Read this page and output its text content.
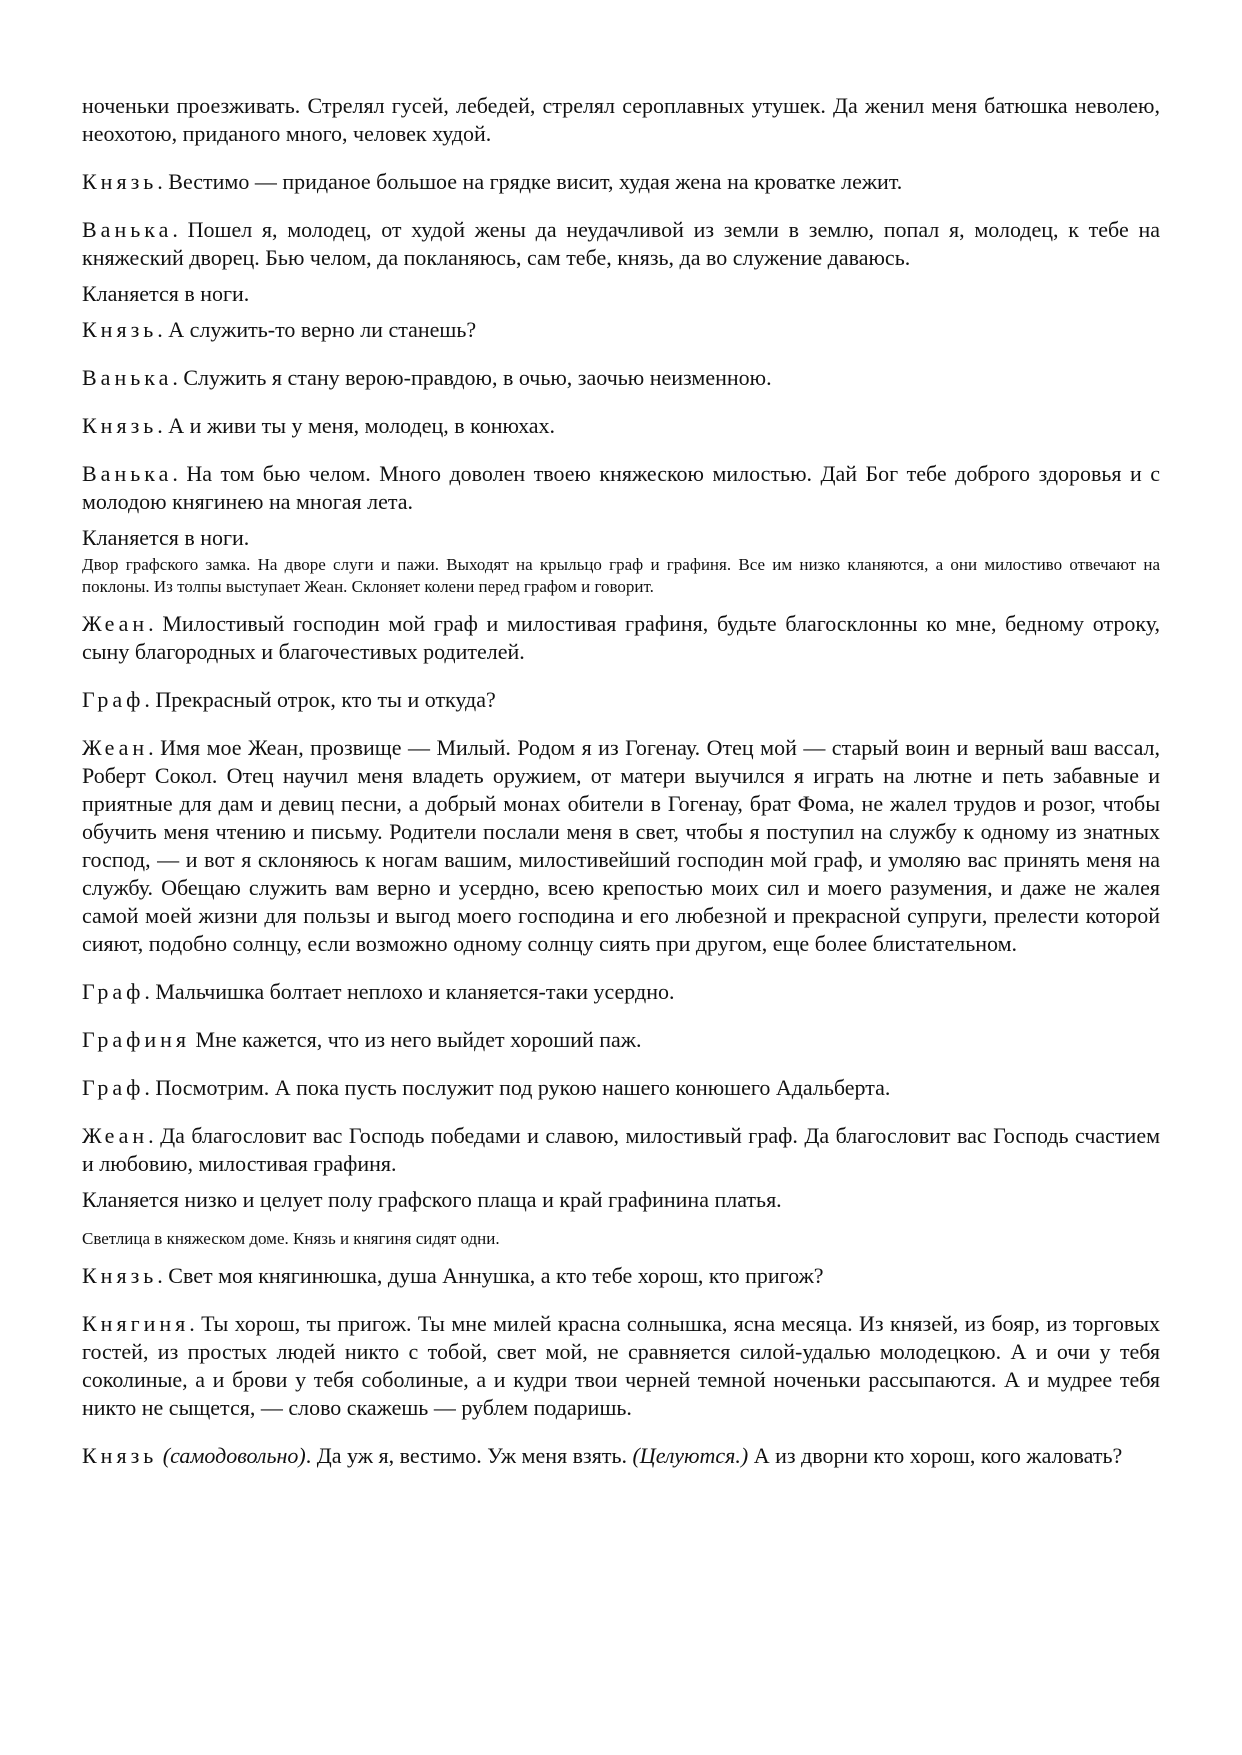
ноченьки проезживать. Стрелял гусей, лебедей, стрелял сероплавных утушек. Да женил меня батюшка неволею, неохотою, приданого много, человек худой.

Князь. Вестимо — приданое большое на грядке висит, худая жена на кроватке лежит.

Ванька. Пошел я, молодец, от худой жены да неудачливой из земли в землю, попал я, молодец, к тебе на княжеский дворец. Бью челом, да покланяюсь, сам тебе, князь, да во служение даваюсь.

Кланяется в ноги.

Князь. А служить-то верно ли станешь?

Ванька. Служить я стану верою-правдою, в очью, заочью неизменною.

Князь. А и живи ты у меня, молодец, в конюхах.

Ванька. На том бью челом. Много доволен твоею княжескою милостью. Дай Бог тебе доброго здоровья и с молодою княгинею на многая лета.

Кланяется в ноги.

Двор графского замка. На дворе слуги и пажи. Выходят на крыльцо граф и графиня. Все им низко кланяются, а они милостиво отвечают на поклоны. Из толпы выступает Жеан. Склоняет колени перед графом и говорит.

Жеан. Милостивый господин мой граф и милостивая графиня, будьте благосклонны ко мне, бедному отроку, сыну благородных и благочестивых родителей.

Граф. Прекрасный отрок, кто ты и откуда?

Жеан. Имя мое Жеан, прозвище — Милый. Родом я из Гогенау. Отец мой — старый воин и верный ваш вассал, Роберт Сокол. Отец научил меня владеть оружием, от матери выучился я играть на лютне и петь забавные и приятные для дам и девиц песни, а добрый монах обители в Гогенау, брат Фома, не жалел трудов и розог, чтобы обучить меня чтению и письму. Родители послали меня в свет, чтобы я поступил на службу к одному из знатных господ, — и вот я склоняюсь к ногам вашим, милостивейший господин мой граф, и умоляю вас принять меня на службу. Обещаю служить вам верно и усердно, всею крепостью моих сил и моего разумения, и даже не жалея самой моей жизни для пользы и выгод моего господина и его любезной и прекрасной супруги, прелести которой сияют, подобно солнцу, если возможно одному солнцу сиять при другом, еще более блистательном.

Граф. Мальчишка болтает неплохо и кланяется-таки усердно.

Графиня Мне кажется, что из него выйдет хороший паж.

Граф. Посмотрим. А пока пусть послужит под рукою нашего конюшего Адальберта.

Жеан. Да благословит вас Господь победами и славою, милостивый граф. Да благословит вас Господь счастием и любовию, милостивая графиня.

Кланяется низко и целует полу графского плаща и край графинина платья.

Светлица в княжеском доме. Князь и княгиня сидят одни.

Князь. Свет моя княгинюшка, душа Аннушка, а кто тебе хорош, кто пригож?

Княгиня. Ты хорош, ты пригож. Ты мне милей красна солнышка, ясна месяца. Из князей, из бояр, из торговых гостей, из простых людей никто с тобой, свет мой, не сравняется силой-удалью молодецкою. А и очи у тебя соколиные, а и брови у тебя соболиные, а и кудри твои черней темной ноченьки рассыпаются. А и мудрее тебя никто не сыщется, — слово скажешь — рублем подаришь.

Князь (самодовольно). Да уж я, вестимо. Уж меня взять. (Целуются.) А из дворни кто хорош, кого жаловать?
